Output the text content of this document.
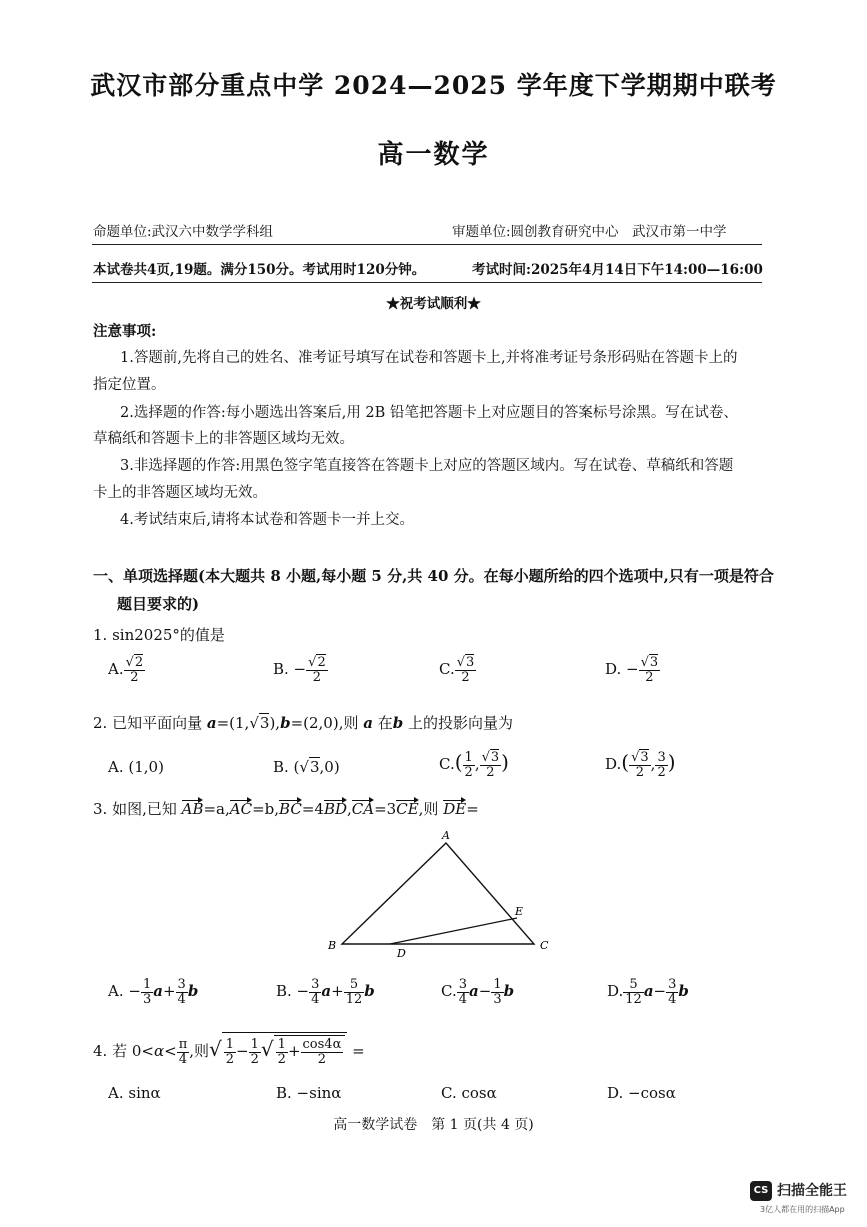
武汉市部分重点中学 2024—2025 学年度下学期期中联考
高一数学
命题单位:武汉六中数学学科组	审题单位:圆创教育研究中心　武汉市第一中学
本试卷共4页,19题。满分150分。考试用时120分钟。	考试时间:2025年4月14日下午14:00—16:00
★祝考试顺利★
注意事项:
1.答题前,先将自己的姓名、准考证号填写在试卷和答题卡上,并将准考证号条形码贴在答题卡上的
指定位置。
2.选择题的作答:每小题选出答案后,用 2B 铅笔把答题卡上对应题目的答案标号涂黑。写在试卷、
草稿纸和答题卡上的非答题区域均无效。
3.非选择题的作答:用黑色签字笔直接答在答题卡上对应的答题区域内。写在试卷、草稿纸和答题
卡上的非答题区域均无效。
4.考试结束后,请将本试卷和答题卡一并上交。
一、单项选择题(本大题共 8 小题,每小题 5 分,共 40 分。在每小题所给的四个选项中,只有一项是符合
题目要求的)
1. sin2025°的值是
A. $\frac{√2}{2}$	B. − $\frac{√2}{2}$	C. $\frac{√3}{2}$	D. − $\frac{√3}{2}$
2. 已知平面向量 a=(1,√3),b=(2,0),则 a 在b 上的投影向量为
A. (1,0)	B. (√3,0)	$C.( \frac{1}{2}$ , $\frac{√3}{2}$ )	$D.( \frac{√3}{2}$ , $\frac{3}{2}$ )
3. 如图,已知 AB=a,AC=b,BC=4BD,CA=3CE,则 DE=
A
B	C
D
E
A. − $\frac{1}{3} a+ \frac{3}{4}$ b	B. − $\frac{3}{4} a+ \frac{5}{12}$ b	C. $\frac{3}{4} a- \frac{1}{3}$ b	D. $\frac{5}{12} a- \frac{3}{4}$ b
4. 若 $0<\alpha< \frac{\pi}{4}$ ,则√ $\frac{1}{2} - \frac{1}{2}$ √ $\frac{1}{2} + \frac{\cos 4\alpha}{2}$ =
A. sinα	B. −sinα	C. cosα	D. −cosα
高一数学试卷　第 1 页(共 4 页)
CS 扫描全能王
3亿人都在用的扫描App
